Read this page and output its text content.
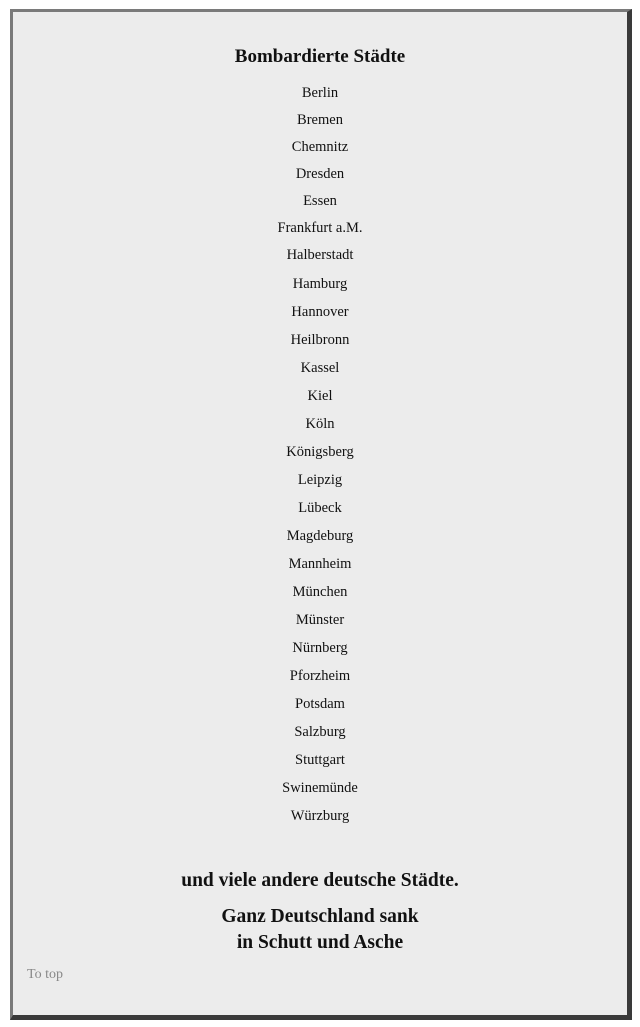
Bombardierte Städte
Berlin
Bremen
Chemnitz
Dresden
Essen
Frankfurt a.M.
Halberstadt
Hamburg
Hannover
Heilbronn
Kassel
Kiel
Köln
Königsberg
Leipzig
Lübeck
Magdeburg
Mannheim
München
Münster
Nürnberg
Pforzheim
Potsdam
Salzburg
Stuttgart
Swinemünde
Würzburg
und viele andere deutsche Städte.
Ganz Deutschland sank
in Schutt und Asche
To top
